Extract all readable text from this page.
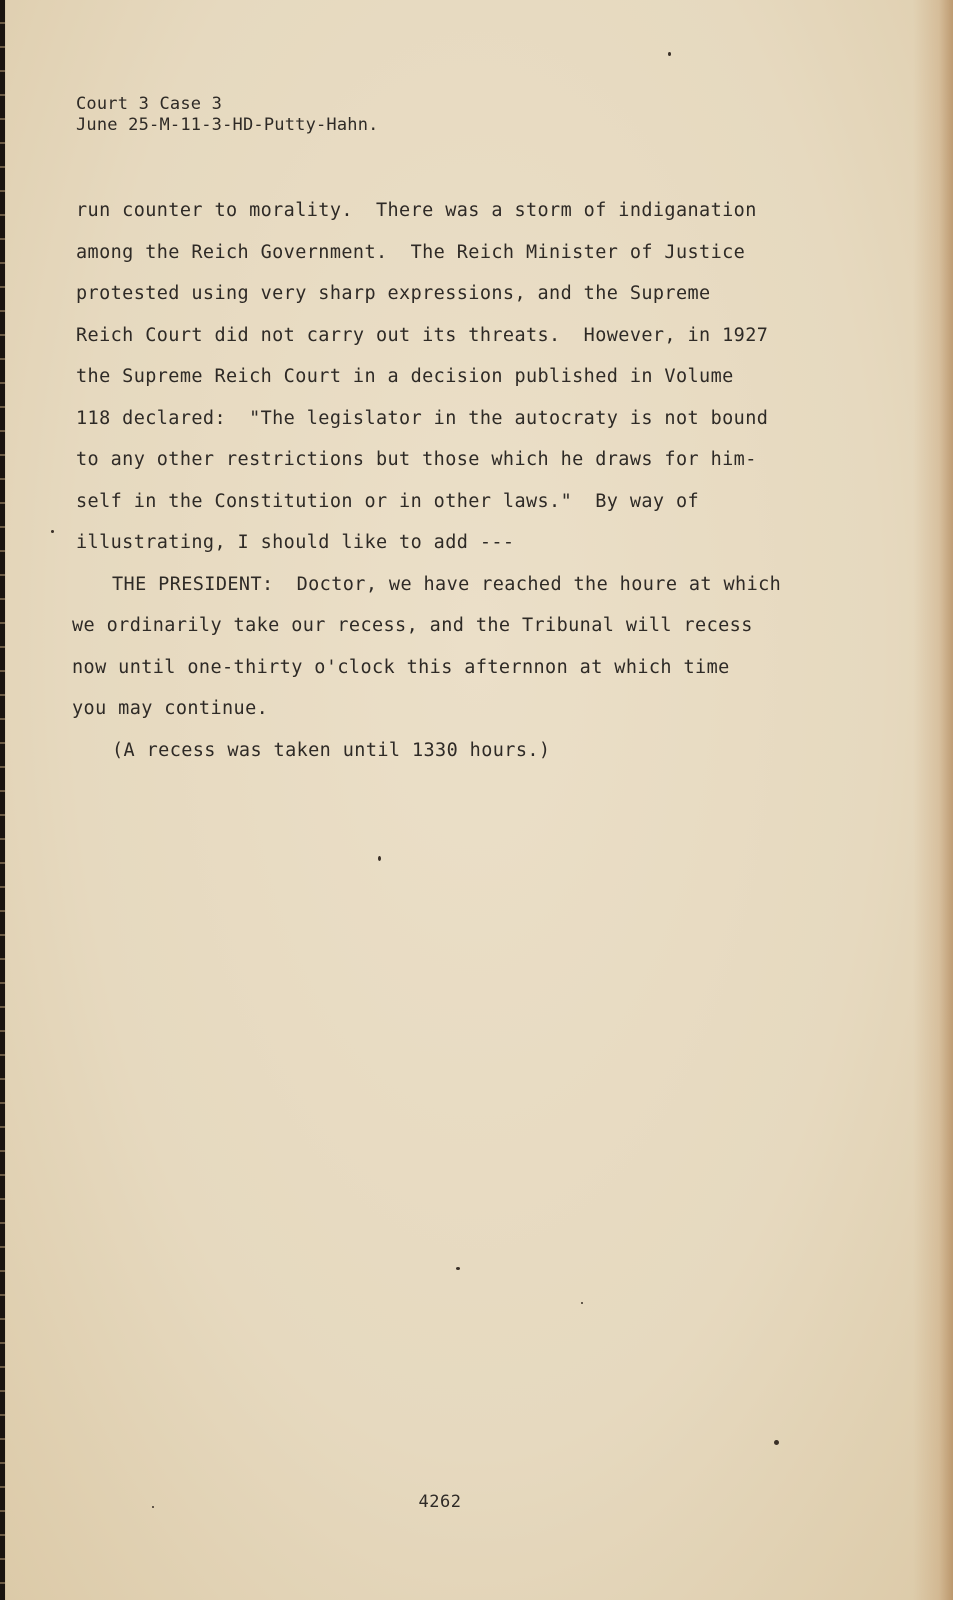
Court 3 Case 3
June 25-M-11-3-HD-Putty-Hahn.
run counter to morality.  There was a storm of indiganation
among the Reich Government.  The Reich Minister of Justice
protested using very sharp expressions, and the Supreme
Reich Court did not carry out its threats.  However, in 1927
the Supreme Reich Court in a decision published in Volume
118 declared:  "The legislator in the autocraty is not bound
to any other restrictions but those which he draws for him-
self in the Constitution or in other laws."  By way of
illustrating, I should like to add ---
THE PRESIDENT:  Doctor, we have reached the houre at which
we ordinarily take our recess, and the Tribunal will recess
now until one-thirty o'clock this afternnon at which time
you may continue.
(A recess was taken until 1330 hours.)
4262
